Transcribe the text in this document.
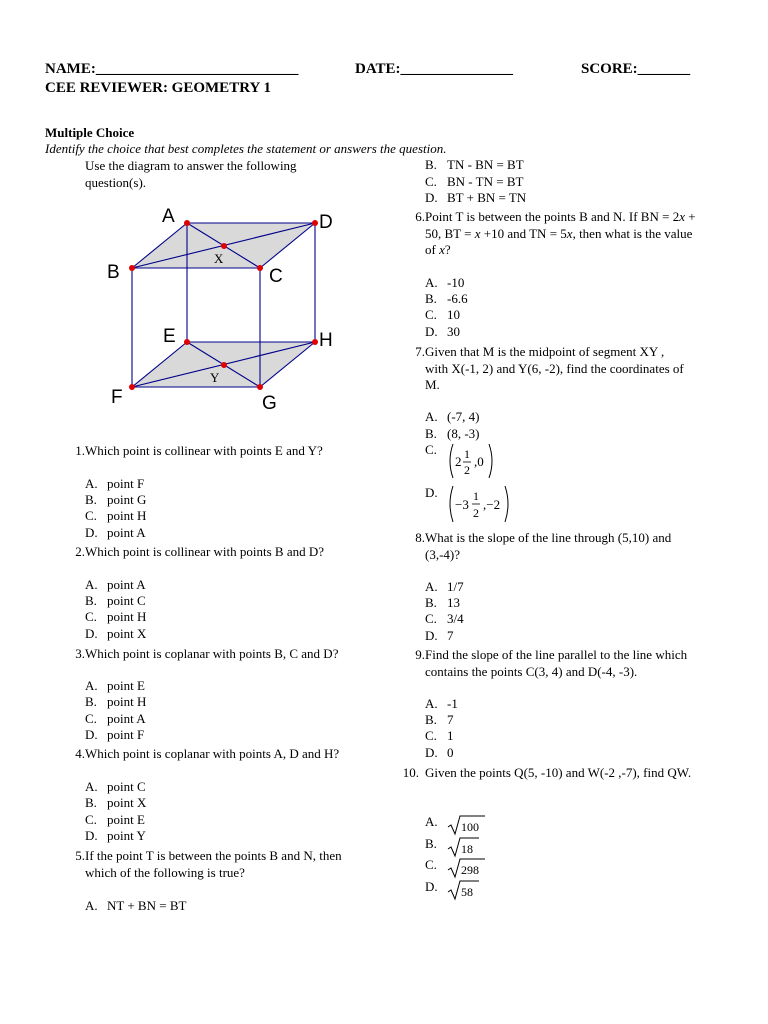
NAME:___________________________	DATE:_______________	SCORE:_______
CEE REVIEWER: GEOMETRY 1
Multiple Choice
Identify the choice that best completes the statement or answers the question.
Use the diagram to answer the following question(s).
A	D
B	C
E	H
F	G
X
Y
1. Which point is collinear with points E and Y?
A. point F
B. point G
C. point H
D. point A
2. Which point is collinear with points B and D?
A. point A
B. point C
C. point H
D. point X
3. Which point is coplanar with points B, C and D?
A. point E
B. point H
C. point A
D. point F
4. Which point is coplanar with points A, D and H?
A. point C
B. point X
C. point E
D. point Y
5. If the point T is between the points B and N, then which of the following is true?
A. NT + BN = BT
B. TN - BN = BT
C. BN - TN = BT
D. BT + BN = TN
6. Point T is between the points B and N. If BN = 2x + 50, BT = x +10 and TN = 5x, then what is the value of x?
A. -10
B. -6.6
C. 10
D. 30
7. Given that M is the midpoint of segment XY , with X(-1, 2) and Y(6, -2), find the coordinates of M.
A. (-7, 4)
B. (8, -3)
C.
2 1
2
,0
D.
−3
1
2
,−2
8. What is the slope of the line through (5,10) and (3,-4)?
A. 1/7
B. 13
C. 3/4
D. 7
9. Find the slope of the line parallel to the line which contains the points C(3, 4) and D(-4, -3).
A. -1
B. 7
C. 1
D. 0
10. Given the points Q(5, -10) and W(-2 ,-7), find QW.
A.	100
B.	18
C.	298
D.	58
